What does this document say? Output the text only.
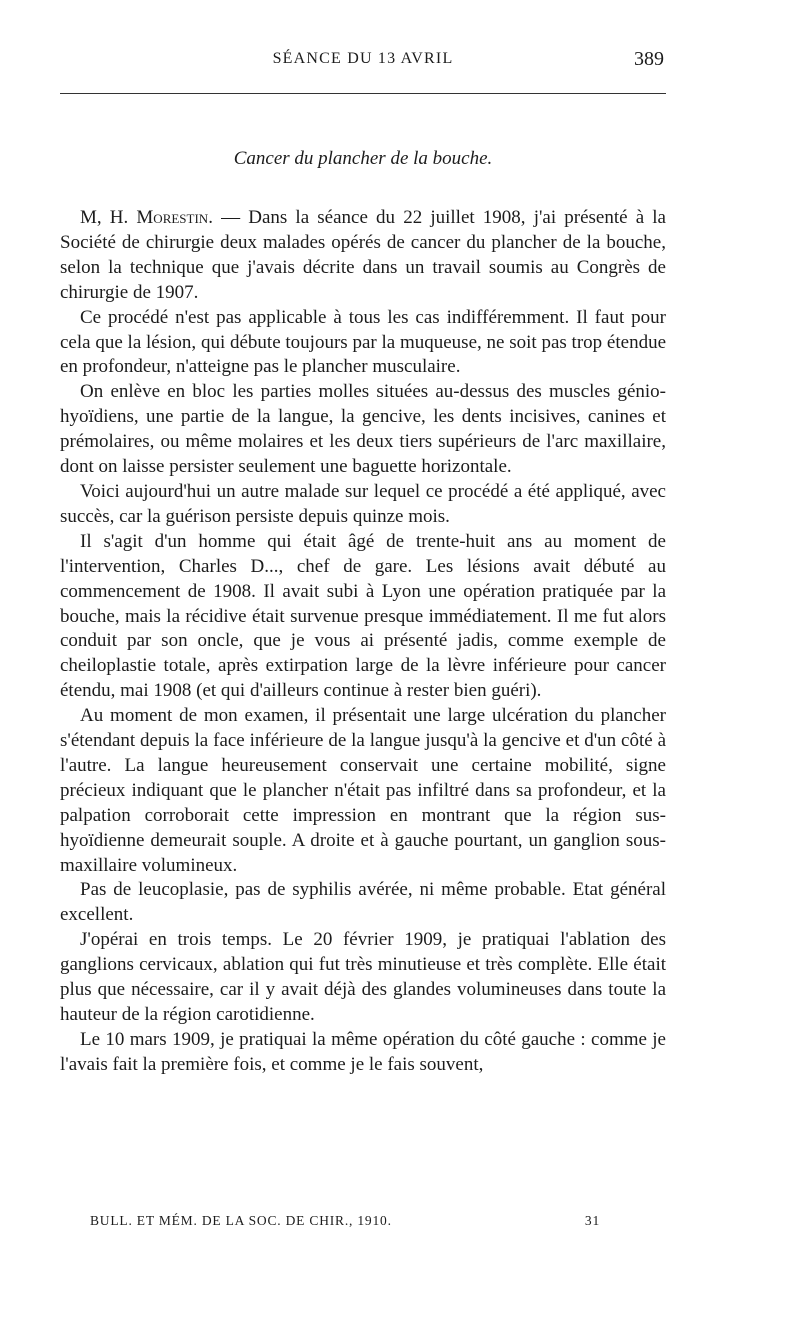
SÉANCE DU 13 AVRIL	389
Cancer du plancher de la bouche.

M, H. Morestin. — Dans la séance du 22 juillet 1908, j'ai présenté à la Société de chirurgie deux malades opérés de cancer du plancher de la bouche, selon la technique que j'avais décrite dans un travail soumis au Congrès de chirurgie de 1907.

Ce procédé n'est pas applicable à tous les cas indifféremment. Il faut pour cela que la lésion, qui débute toujours par la muqueuse, ne soit pas trop étendue en profondeur, n'atteigne pas le plancher musculaire.

On enlève en bloc les parties molles situées au-dessus des muscles génio-hyoïdiens, une partie de la langue, la gencive, les dents incisives, canines et prémolaires, ou même molaires et les deux tiers supérieurs de l'arc maxillaire, dont on laisse persister seulement une baguette horizontale.

Voici aujourd'hui un autre malade sur lequel ce procédé a été appliqué, avec succès, car la guérison persiste depuis quinze mois.

Il s'agit d'un homme qui était âgé de trente-huit ans au moment de l'intervention, Charles D..., chef de gare. Les lésions avait débuté au commencement de 1908. Il avait subi à Lyon une opération pratiquée par la bouche, mais la récidive était survenue presque immédiatement. Il me fut alors conduit par son oncle, que je vous ai présenté jadis, comme exemple de cheiloplastie totale, après extirpation large de la lèvre inférieure pour cancer étendu, mai 1908 (et qui d'ailleurs continue à rester bien guéri).

Au moment de mon examen, il présentait une large ulcération du plancher s'étendant depuis la face inférieure de la langue jusqu'à la gencive et d'un côté à l'autre. La langue heureusement conservait une certaine mobilité, signe précieux indiquant que le plancher n'était pas infiltré dans sa profondeur, et la palpation corroborait cette impression en montrant que la région sus-hyoïdienne demeurait souple. A droite et à gauche pourtant, un ganglion sous-maxillaire volumineux.

Pas de leucoplasie, pas de syphilis avérée, ni même probable. Etat général excellent.

J'opérai en trois temps. Le 20 février 1909, je pratiquai l'ablation des ganglions cervicaux, ablation qui fut très minutieuse et très complète. Elle était plus que nécessaire, car il y avait déjà des glandes volumineuses dans toute la hauteur de la région carotidienne.

Le 10 mars 1909, je pratiquai la même opération du côté gauche : comme je l'avais fait la première fois, et comme je le fais souvent,

BULL. ET MÉM. DE LA SOC. DE CHIR., 1910.	31
